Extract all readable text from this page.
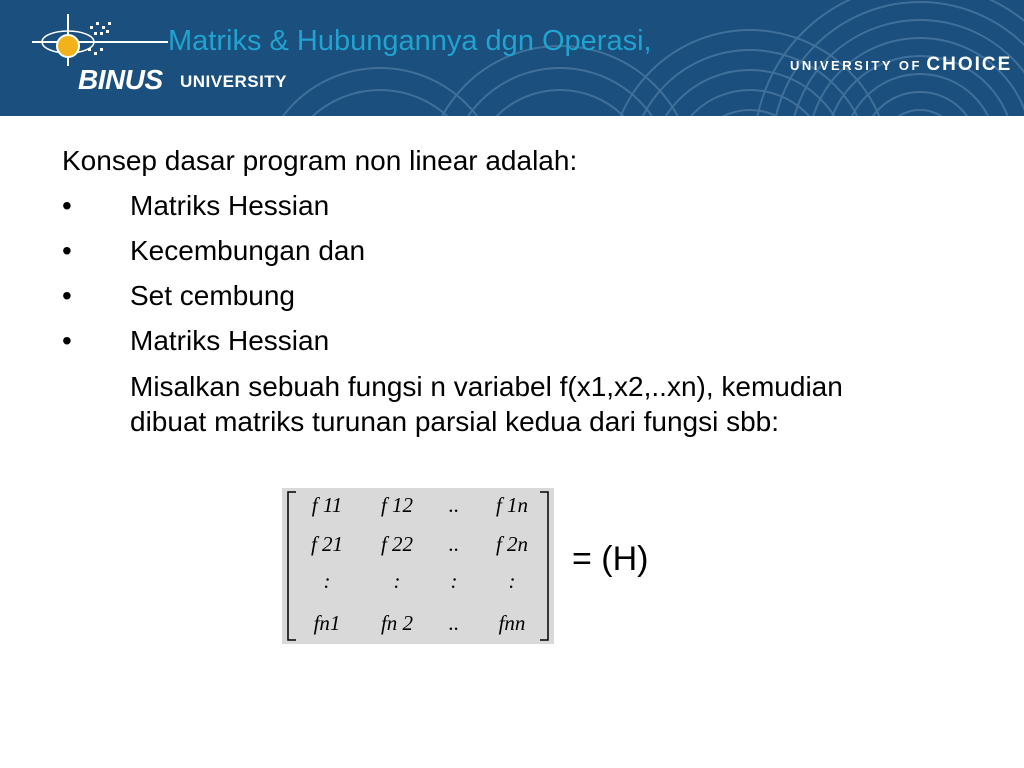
BINUS UNIVERSITY
Matriks & Hubungannya dgn Operasi,
UNIVERSITY OF CHOICE

Konsep dasar program non linear adalah:

• Matriks Hessian

• Kecembungan dan

• Set cembung

• Matriks Hessian

Misalkan sebuah fungsi n variabel f(x1,x2,..xn), kemudian dibuat matriks turunan parsial kedua dari fungsi sbb:

f 11 f 12 .. f 1n
f 21 f 22 .. f 2n
:	: : :
fn1 fn 2 .. fnn
= (H)
